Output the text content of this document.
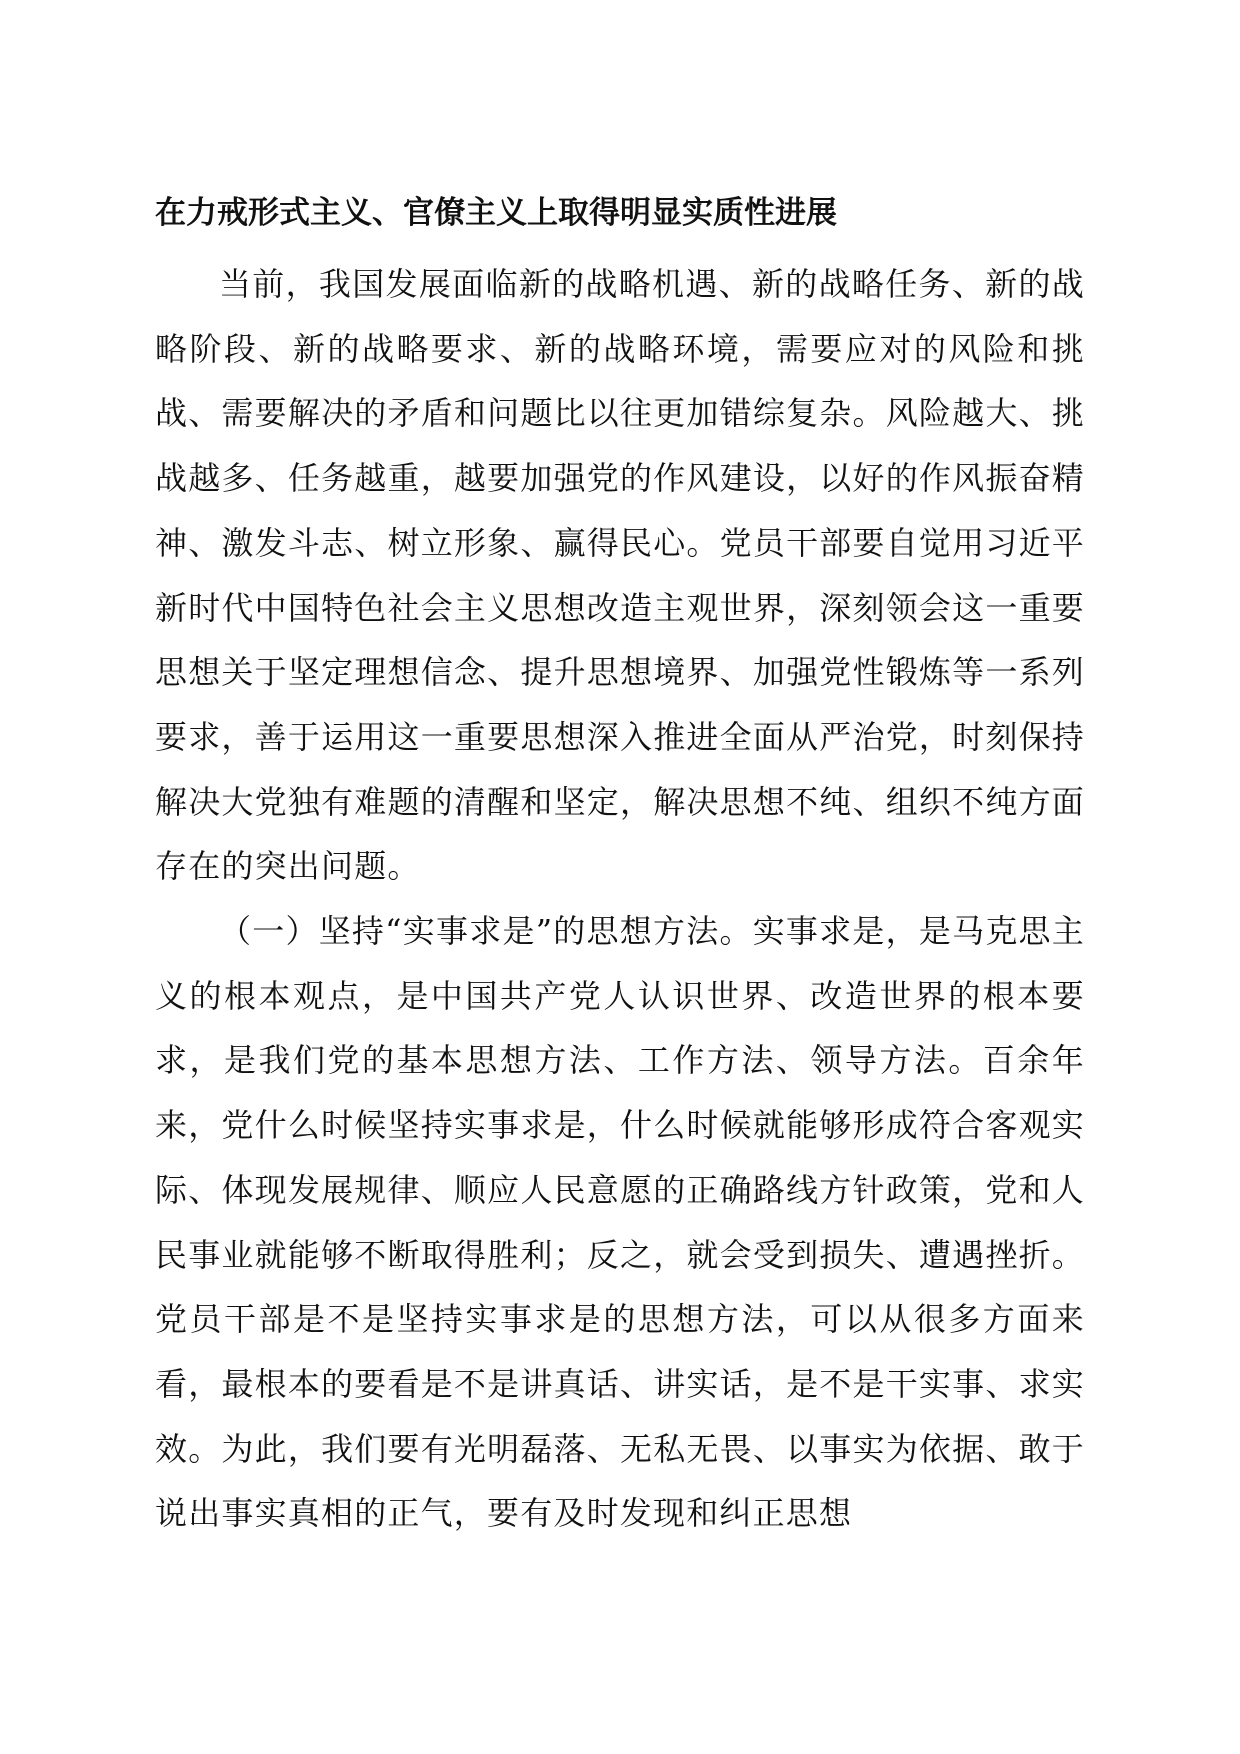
在力戒形式主义、官僚主义上取得明显实质性进展

当前，我国发展面临新的战略机遇、新的战略任务、新的战略阶段、新的战略要求、新的战略环境，需要应对的风险和挑战、需要解决的矛盾和问题比以往更加错综复杂。风险越大、挑战越多、任务越重，越要加强党的作风建设，以好的作风振奋精神、激发斗志、树立形象、赢得民心。党员干部要自觉用习近平新时代中国特色社会主义思想改造主观世界，深刻领会这一重要思想关于坚定理想信念、提升思想境界、加强党性锻炼等一系列要求，善于运用这一重要思想深入推进全面从严治党，时刻保持解决大党独有难题的清醒和坚定，解决思想不纯、组织不纯方面存在的突出问题。

（一）坚持“实事求是”的思想方法。实事求是，是马克思主义的根本观点，是中国共产党人认识世界、改造世界的根本要求，是我们党的基本思想方法、工作方法、领导方法。百余年来，党什么时候坚持实事求是，什么时候就能够形成符合客观实际、体现发展规律、顺应人民意愿的正确路线方针政策，党和人民事业就能够不断取得胜利；反之，就会受到损失、遭遇挫折。党员干部是不是坚持实事求是的思想方法，可以从很多方面来看，最根本的要看是不是讲真话、讲实话，是不是干实事、求实效。为此，我们要有光明磊落、无私无畏、以事实为依据、敢于说出事实真相的正气，要有及时发现和纠正思想
